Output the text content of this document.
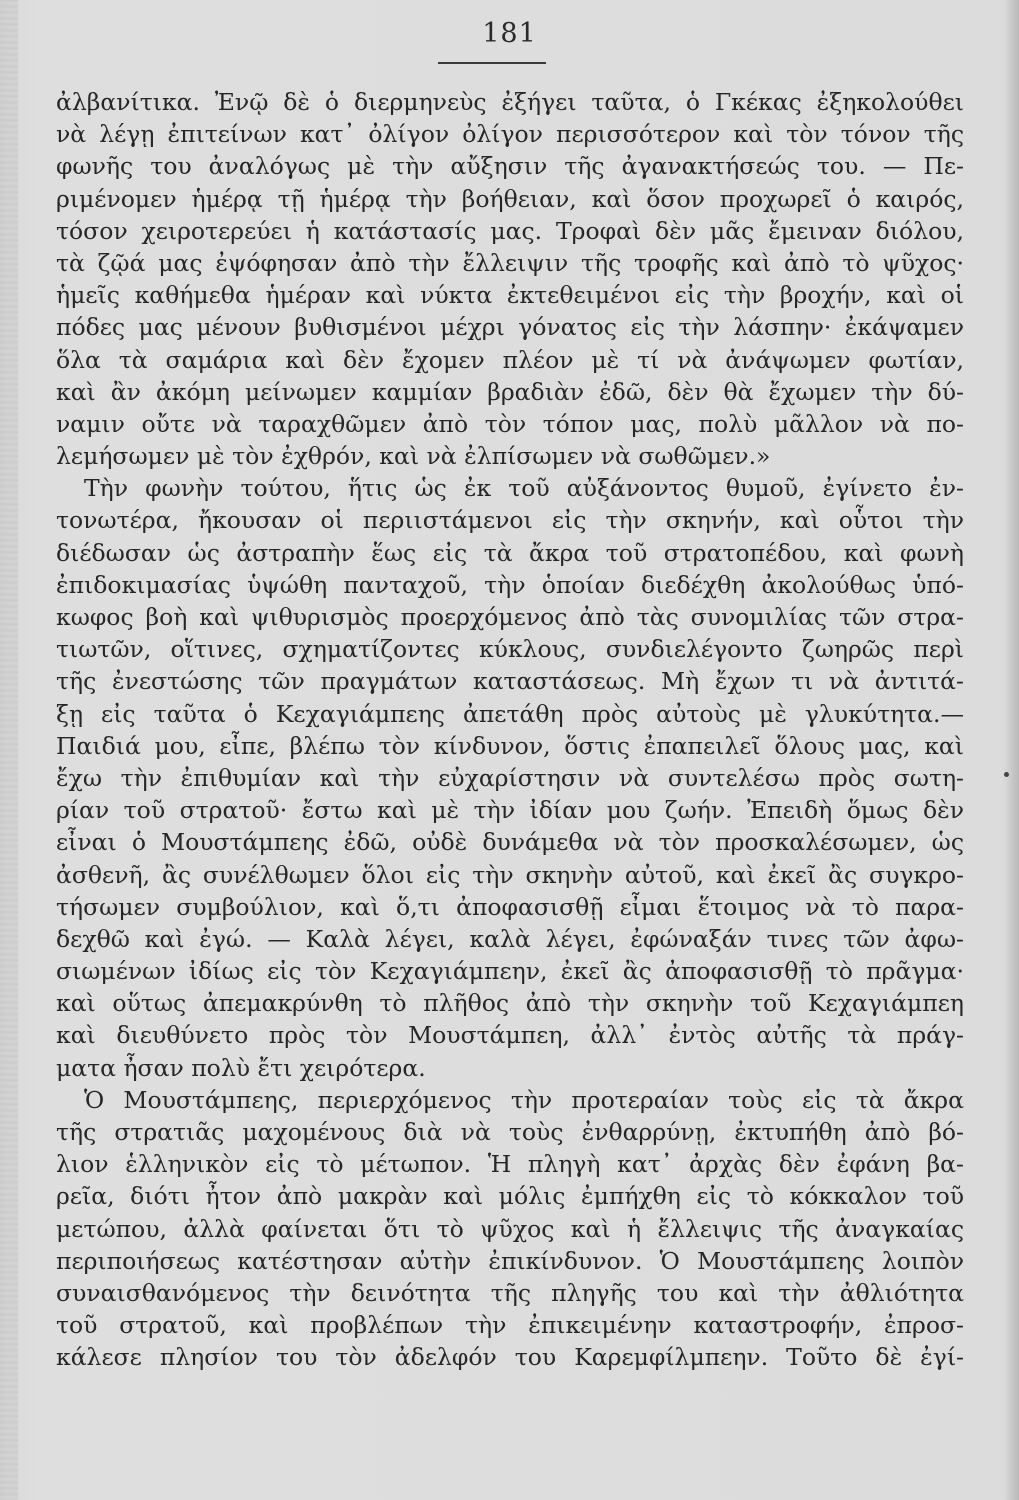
181
ἀλβανίτικα. Ἐνῷ δὲ ὁ διερμηνεὺς ἐξήγει ταῦτα, ὁ Γκέκας ἐξηκολούθει
νὰ λέγῃ ἐπιτείνων κατ᾽ ὀλίγον ὀλίγον περισσότερον καὶ τὸν τόνον τῆς
φωνῆς του ἀναλόγως μὲ τὴν αὔξησιν τῆς ἀγανακτήσεώς του. — Πε-
ριμένομεν ἡμέρᾳ τῇ ἡμέρᾳ τὴν βοήθειαν, καὶ ὅσον προχωρεῖ ὁ καιρός,
τόσον χειροτερεύει ἡ κατάστασίς μας. Τροφαὶ δὲν μᾶς ἔμειναν διόλου,
τὰ ζῷά μας ἐψόφησαν ἀπὸ τὴν ἔλλειψιν τῆς τροφῆς καὶ ἀπὸ τὸ ψῦχος·
ἡμεῖς καθήμεθα ἡμέραν καὶ νύκτα ἐκτεθειμένοι εἰς τὴν βροχήν, καὶ οἱ
πόδες μας μένουν βυθισμένοι μέχρι γόνατος εἰς τὴν λάσπην· ἐκάψαμεν
ὅλα τὰ σαμάρια καὶ δὲν ἔχομεν πλέον μὲ τί νὰ ἀνάψωμεν φωτίαν,
καὶ ἂν ἀκόμη μείνωμεν καμμίαν βραδιὰν ἐδῶ, δὲν θὰ ἔχωμεν τὴν δύ-
ναμιν οὔτε νὰ ταραχθῶμεν ἀπὸ τὸν τόπον μας, πολὺ μᾶλλον νὰ πο-
λεμήσωμεν μὲ τὸν ἐχθρόν, καὶ νὰ ἐλπίσωμεν νὰ σωθῶμεν.»
Τὴν φωνὴν τούτου, ἥτις ὡς ἐκ τοῦ αὐξάνοντος θυμοῦ, ἐγίνετο ἐν-
τονωτέρα, ἤκουσαν οἱ περιιστάμενοι εἰς τὴν σκηνήν, καὶ οὗτοι τὴν
διέδωσαν ὡς ἀστραπὴν ἕως εἰς τὰ ἄκρα τοῦ στρατοπέδου, καὶ φωνὴ
ἐπιδοκιμασίας ὑψώθη πανταχοῦ, τὴν ὁποίαν διεδέχθη ἀκολούθως ὑπό-
κωφος βοὴ καὶ ψιθυρισμὸς προερχόμενος ἀπὸ τὰς συνομιλίας τῶν στρα-
τιωτῶν, οἵτινες, σχηματίζοντες κύκλους, συνδιελέγοντο ζωηρῶς περὶ
τῆς ἐνεστώσης τῶν πραγμάτων καταστάσεως. Μὴ ἔχων τι νὰ ἀντιτά-
ξῃ εἰς ταῦτα ὁ Κεχαγιάμπεης ἀπετάθη πρὸς αὐτοὺς μὲ γλυκύτητα.—
Παιδιά μου, εἶπε, βλέπω τὸν κίνδυνον, ὅστις ἐπαπειλεῖ ὅλους μας, καὶ
ἔχω τὴν ἐπιθυμίαν καὶ τὴν εὐχαρίστησιν νὰ συντελέσω πρὸς σωτη-
ρίαν τοῦ στρατοῦ· ἔστω καὶ μὲ τὴν ἰδίαν μου ζωήν. Ἐπειδὴ ὅμως δὲν
εἶναι ὁ Μουστάμπεης ἐδῶ, οὐδὲ δυνάμεθα νὰ τὸν προσκαλέσωμεν, ὡς
ἀσθενῆ, ἂς συνέλθωμεν ὅλοι εἰς τὴν σκηνὴν αὐτοῦ, καὶ ἐκεῖ ἂς συγκρο-
τήσωμεν συμβούλιον, καὶ ὅ,τι ἀποφασισθῇ εἶμαι ἕτοιμος νὰ τὸ παρα-
δεχθῶ καὶ ἐγώ. — Καλὰ λέγει, καλὰ λέγει, ἐφώναξάν τινες τῶν ἀφω-
σιωμένων ἰδίως εἰς τὸν Κεχαγιάμπεην, ἐκεῖ ἂς ἀποφασισθῇ τὸ πρᾶγμα·
καὶ οὕτως ἀπεμακρύνθη τὸ πλῆθος ἀπὸ τὴν σκηνὴν τοῦ Κεχαγιάμπεη
καὶ διευθύνετο πρὸς τὸν Μουστάμπεη, ἀλλ᾽ ἐντὸς αὐτῆς τὰ πράγ-
ματα ἦσαν πολὺ ἔτι χειρότερα.
Ὁ Μουστάμπεης, περιερχόμενος τὴν προτεραίαν τοὺς εἰς τὰ ἄκρα
τῆς στρατιᾶς μαχομένους διὰ νὰ τοὺς ἐνθαρρύνῃ, ἐκτυπήθη ἀπὸ βό-
λιον ἑλληνικὸν εἰς τὸ μέτωπον. Ἡ πληγὴ κατ᾽ ἀρχὰς δὲν ἐφάνη βα-
ρεῖα, διότι ἦτον ἀπὸ μακρὰν καὶ μόλις ἐμπήχθη εἰς τὸ κόκκαλον τοῦ
μετώπου, ἀλλὰ φαίνεται ὅτι τὸ ψῦχος καὶ ἡ ἔλλειψις τῆς ἀναγκαίας
περιποιήσεως κατέστησαν αὐτὴν ἐπικίνδυνον. Ὁ Μουστάμπεης λοιπὸν
συναισθανόμενος τὴν δεινότητα τῆς πληγῆς του καὶ τὴν ἀθλιότητα
τοῦ στρατοῦ, καὶ προβλέπων τὴν ἐπικειμένην καταστροφήν, ἐπροσ-
κάλεσε πλησίον του τὸν ἀδελφόν του Καρεμφίλμπεην. Τοῦτο δὲ ἐγί-
